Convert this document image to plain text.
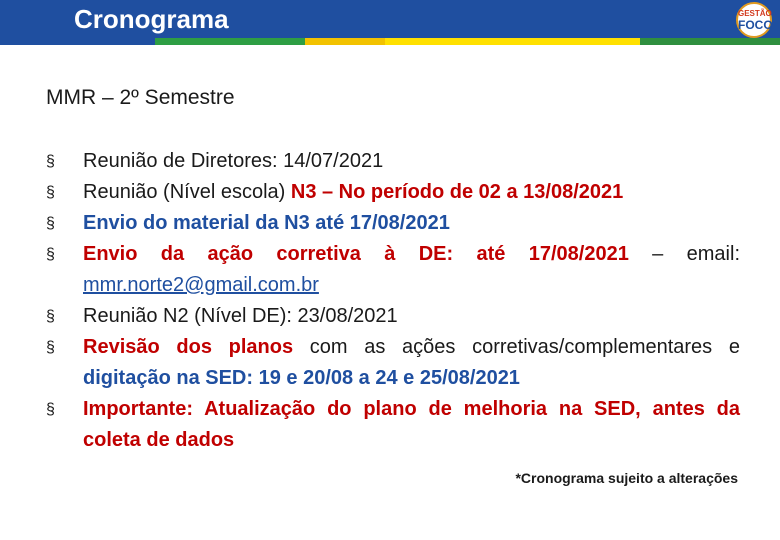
Cronograma	GESTÃO
FOCO
MMR – 2º Semestre
§ Reunião de Diretores: 14/07/2021
§ Reunião (Nível escola) N3 – No período de 02 a 13/08/2021
§ Envio do material da N3 até 17/08/2021
§ Envio da ação corretiva à DE: até 17/08/2021 – email: mmr.norte2@gmail.com.br
§ Reunião N2 (Nível DE): 23/08/2021
§ Revisão dos planos com as ações corretivas/complementares e digitação na SED: 19 e 20/08 a 24 e 25/08/2021
§ Importante: Atualização do plano de melhoria na SED, antes da coleta de dados
*Cronograma sujeito a alterações
